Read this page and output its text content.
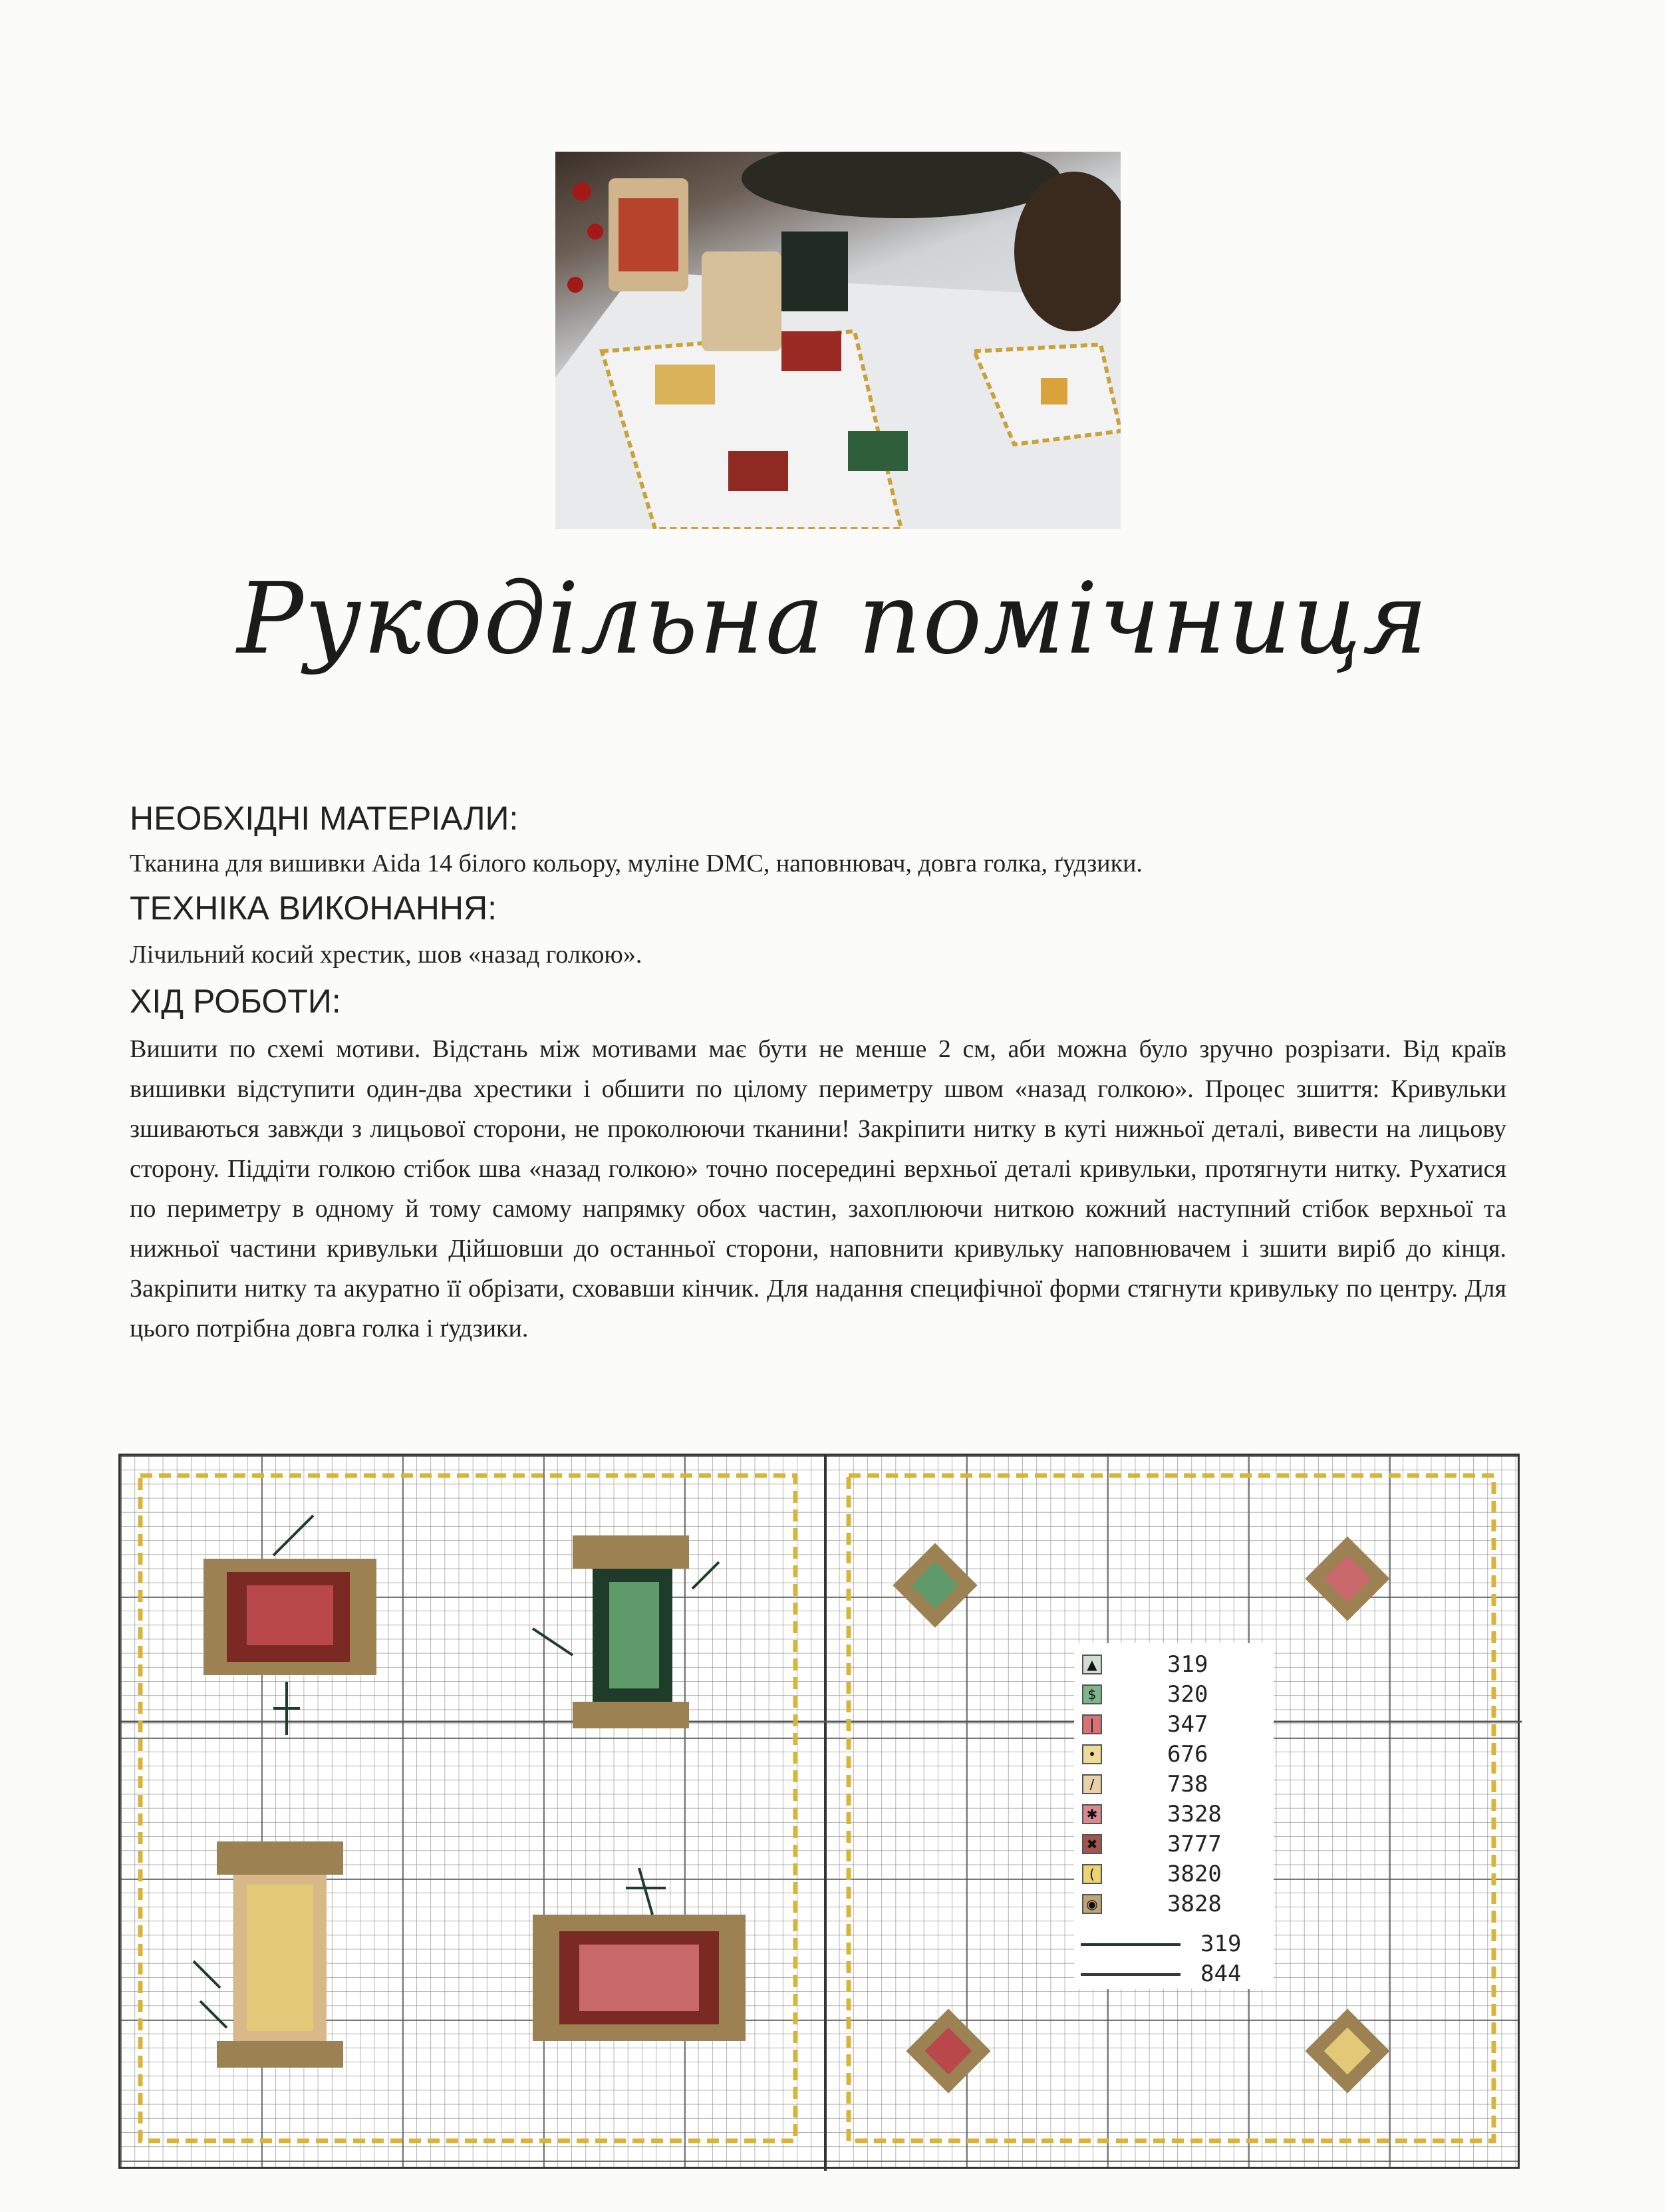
Рукодільна помічниця

НЕОБХІДНІ МАТЕРІАЛИ:

Тканина для вишивки Aida 14 білого кольору, муліне DMC, наповнювач, довга голка, ґудзики.

ТЕХНІКА ВИКОНАННЯ:

Лічильний косий хрестик, шов «назад голкою».

ХІД РОБОТИ:

Вишити по схемі мотиви. Відстань між мотивами має бути не менше 2 см, аби можна було зручно розрізати. Від країв вишивки відступити один-два хрестики і обшити по цілому периметру швом «назад голкою». Процес зшиття: Кривульки зшиваються завжди з лицьової сторони, не проколюючи тканини! Закріпити нитку в куті нижньої деталі, вивести на лицьову сторону. Піддіти голкою стібок шва «назад голкою» точно посередині верхньої деталі кривульки, протягнути нитку. Рухатися по периметру в одному й тому самому напрямку обох частин, захоплюючи ниткою кожний наступний стібок верхньої та нижньої частини кривульки Дійшовши до останньої сторони, наповнити кривульку наповнювачем і зшити виріб до кінця. Закріпити нитку та акуратно її обрізати, сховавши кінчик. Для надання специфічної форми стягнути кривульку по центру. Для цього потрібна довга голка і ґудзики.

▲	319
$	320
|	347
•	676
/	738
✱	3328
✖	3777
(	3820
◉	3828
319
844
